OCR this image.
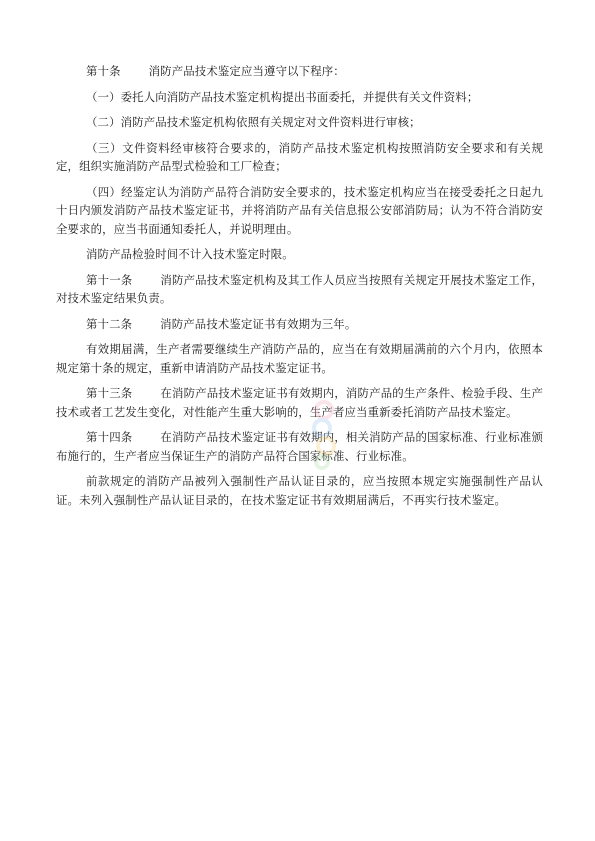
第十条 消防产品技术鉴定应当遵守以下程序：

（一）委托人向消防产品技术鉴定机构提出书面委托，并提供有关文件资料；

（二）消防产品技术鉴定机构依照有关规定对文件资料进行审核；

（三）文件资料经审核符合要求的，消防产品技术鉴定机构按照消防安全要求和有关规定，组织实施消防产品型式检验和工厂检查；

（四）经鉴定认为消防产品符合消防安全要求的，技术鉴定机构应当在接受委托之日起九十日内颁发消防产品技术鉴定证书，并将消防产品有关信息报公安部消防局；认为不符合消防安全要求的，应当书面通知委托人，并说明理由。

消防产品检验时间不计入技术鉴定时限。

第十一条 消防产品技术鉴定机构及其工作人员应当按照有关规定开展技术鉴定工作，对技术鉴定结果负责。

第十二条 消防产品技术鉴定证书有效期为三年。

有效期届满，生产者需要继续生产消防产品的，应当在有效期届满前的六个月内，依照本规定第十条的规定，重新申请消防产品技术鉴定证书。

第十三条 在消防产品技术鉴定证书有效期内，消防产品的生产条件、检验手段、生产技术或者工艺发生变化，对性能产生重大影响的，生产者应当重新委托消防产品技术鉴定。

第十四条 在消防产品技术鉴定证书有效期内，相关消防产品的国家标准、行业标准颁布施行的，生产者应当保证生产的消防产品符合国家标准、行业标准。

前款规定的消防产品被列入强制性产品认证目录的，应当按照本规定实施强制性产品认证。未列入强制性产品认证目录的，在技术鉴定证书有效期届满后，不再实行技术鉴定。
